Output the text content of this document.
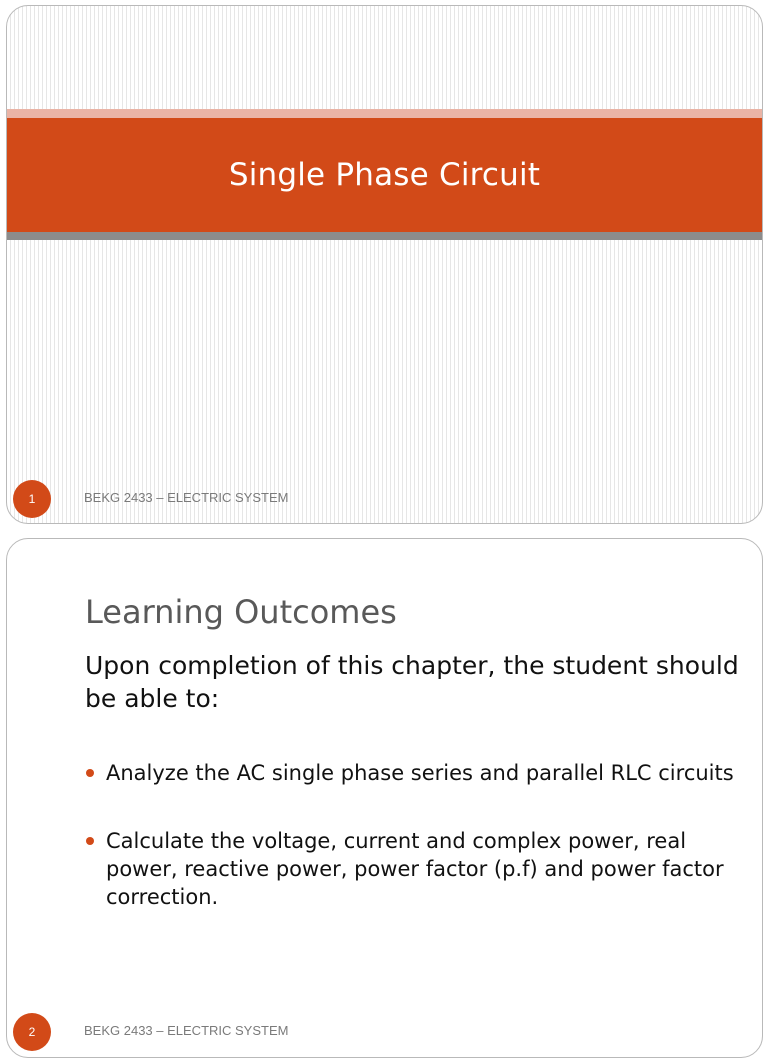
Single Phase Circuit
1	BEKG 2433 – ELECTRIC SYSTEM
Learning Outcomes

Upon completion of this chapter, the student should be able to:

Analyze the AC single phase series and parallel RLC circuits
Calculate the voltage, current and complex power, real power, reactive power, power factor (p.f) and power factor correction.
2	BEKG 2433 – ELECTRIC SYSTEM
